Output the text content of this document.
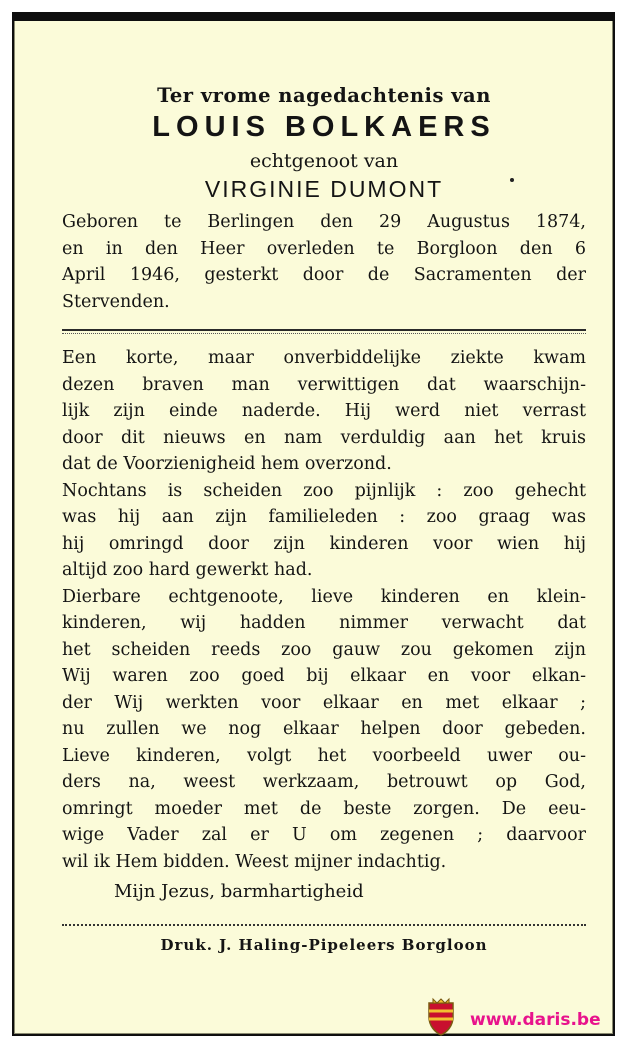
Ter vrome nagedachtenis van
LOUIS BOLKAERS
echtgenoot van
VIRGINIE DUMONT
Geboren te Berlingen den 29 Augustus 1874,
en in den Heer overleden te Borgloon den 6
April 1946, gesterkt door de Sacramenten der
Stervenden.
Een korte, maar onverbiddelijke ziekte kwam
dezen braven man verwittigen dat waarschijn-
lijk zijn einde naderde. Hij werd niet verrast
door dit nieuws en nam verduldig aan het kruis
dat de Voorzienigheid hem overzond.
Nochtans is scheiden zoo pijnlijk : zoo gehecht
was hij aan zijn familieleden : zoo graag was
hij omringd door zijn kinderen voor wien hij
altijd zoo hard gewerkt had.
Dierbare echtgenoote, lieve kinderen en klein-
kinderen, wij hadden nimmer verwacht dat
het scheiden reeds zoo gauw zou gekomen zijn
Wij waren zoo goed bij elkaar en voor elkan-
der Wij werkten voor elkaar en met elkaar ;
nu zullen we nog elkaar helpen door gebeden.
Lieve kinderen, volgt het voorbeeld uwer ou-
ders na, weest werkzaam, betrouwt op God,
omringt moeder met de beste zorgen. De eeu-
wige Vader zal er U om zegenen ; daarvoor
wil ik Hem bidden. Weest mijner indachtig.
Mijn Jezus, barmhartigheid
Druk. J. Haling-Pipeleers Borgloon
www.daris.be
